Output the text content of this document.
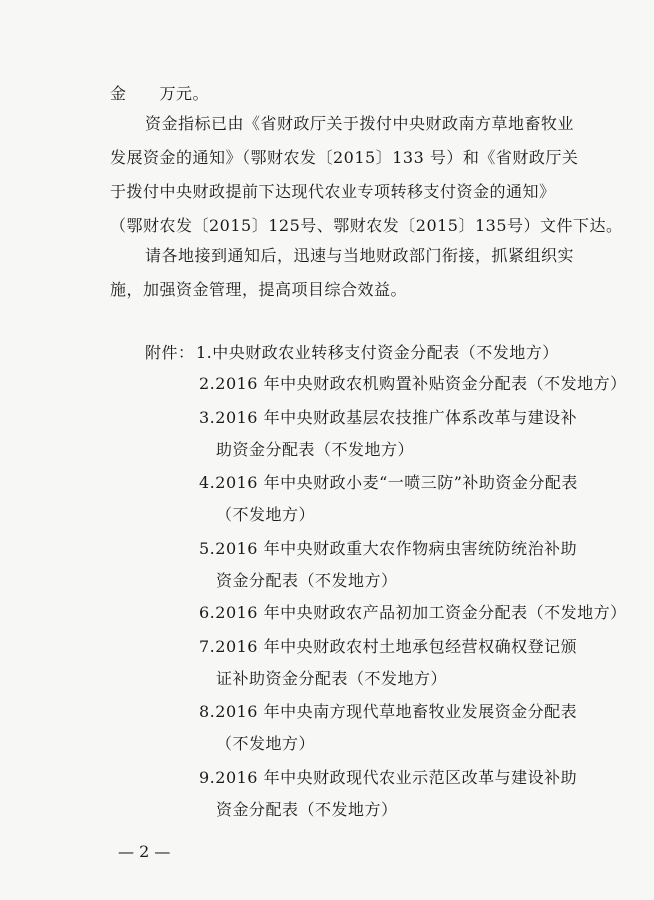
金　　万元。
资金指标已由《省财政厅关于拨付中央财政南方草地畜牧业
发展资金的通知》（鄂财农发〔2015〕133 号）和《省财政厅关
于拨付中央财政提前下达现代农业专项转移支付资金的通知》
（鄂财农发〔2015〕125号、鄂财农发〔2015〕135号）文件下达。
请各地接到通知后，迅速与当地财政部门衔接，抓紧组织实
施，加强资金管理，提高项目综合效益。
附件： 1.中央财政农业转移支付资金分配表（不发地方）
2.2016 年中央财政农机购置补贴资金分配表（不发地方）
3.2016 年中央财政基层农技推广体系改革与建设补
助资金分配表（不发地方）
4.2016 年中央财政小麦“一喷三防”补助资金分配表
（不发地方）
5.2016 年中央财政重大农作物病虫害统防统治补助
资金分配表（不发地方）
6.2016 年中央财政农产品初加工资金分配表（不发地方）
7.2016 年中央财政农村土地承包经营权确权登记颁
证补助资金分配表（不发地方）
8.2016 年中央南方现代草地畜牧业发展资金分配表
（不发地方）
9.2016 年中央财政现代农业示范区改革与建设补助
资金分配表（不发地方）
— 2 —
